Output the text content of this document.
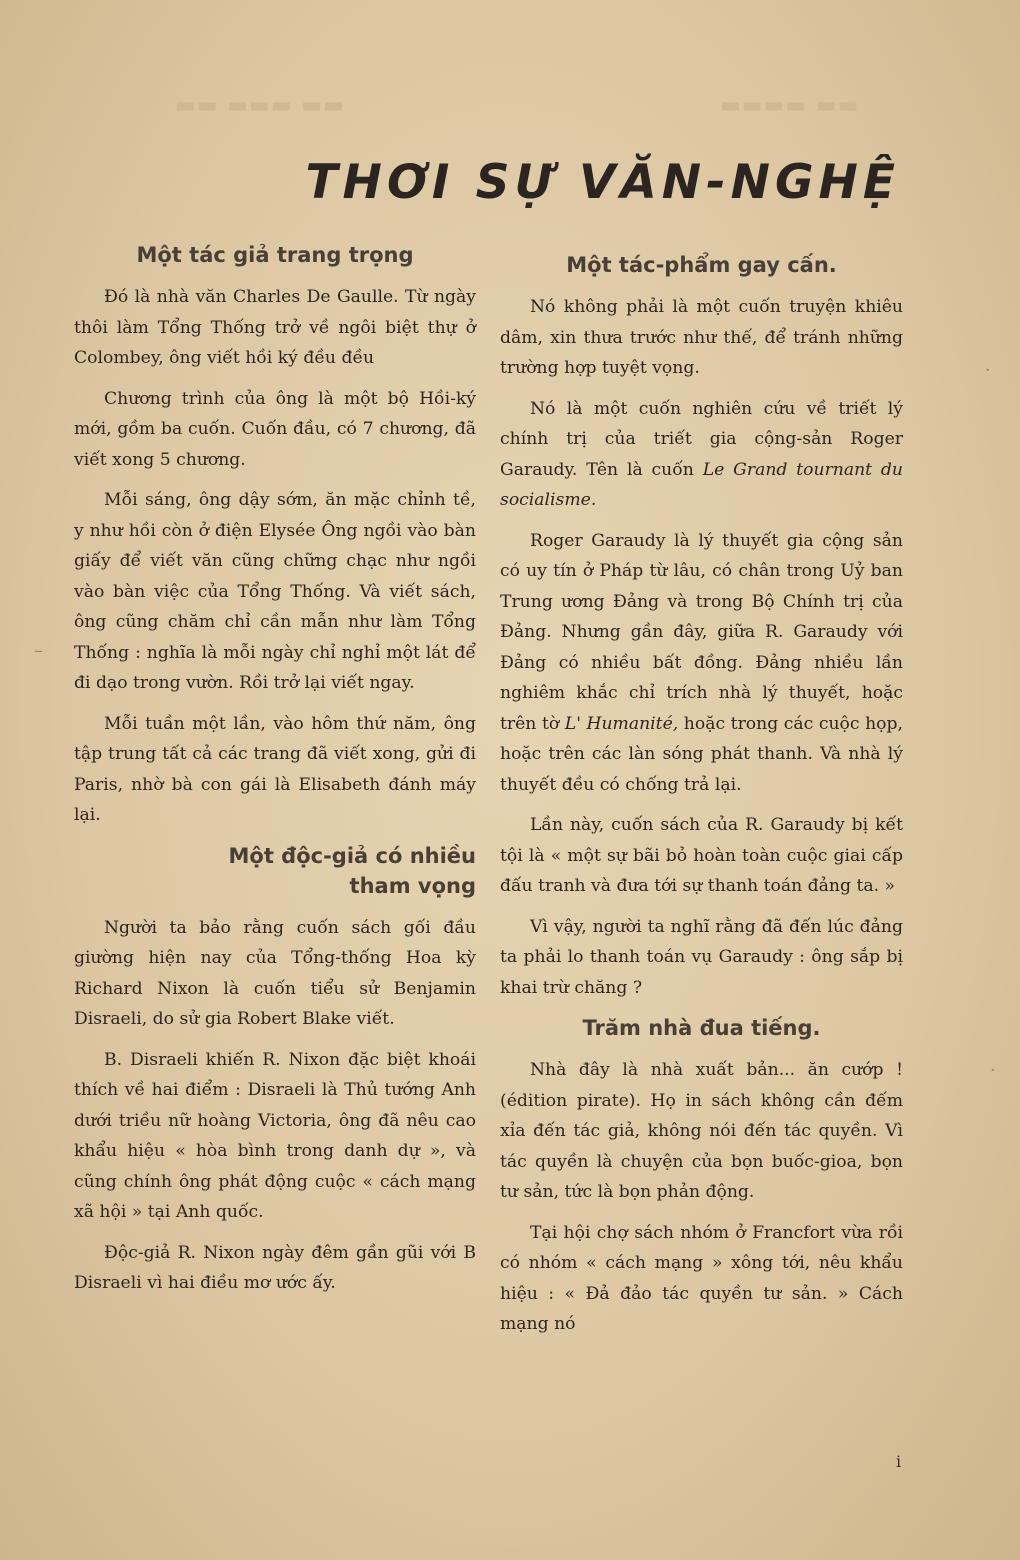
▬▬ ▬▬▬ ▬▬	▬▬▬▬ ▬▬
THƠI SỰ VĂN-NGHỆ
Một tác giả trang trọng

Đó là nhà văn Charles De Gaulle. Từ ngày thôi làm Tổng Thống trở về ngôi biệt thự ở Colombey, ông viết hồi ký đều đều

Chương trình của ông là một bộ Hồi-ký mới, gồm ba cuốn. Cuốn đầu, có 7 chương, đã viết xong 5 chương.

Mỗi sáng, ông dậy sớm, ăn mặc chỉnh tề, y như hồi còn ở điện Elysée Ông ngồi vào bàn giấy để viết văn cũng chững chạc như ngồi vào bàn việc của Tổng Thống. Và viết sách, ông cũng chăm chỉ cần mẫn như làm Tổng Thống : nghĩa là mỗi ngày chỉ nghỉ một lát để đi dạo trong vườn. Rồi trở lại viết ngay.

Mỗi tuần một lần, vào hôm thứ năm, ông tập trung tất cả các trang đã viết xong, gửi đi Paris, nhờ bà con gái là Elisabeth đánh máy lại.

Một độc-giả có nhiều tham vọng

Người ta bảo rằng cuốn sách gối đầu giường hiện nay của Tổng-thống Hoa kỳ Richard Nixon là cuốn tiểu sử Benjamin Disraeli, do sử gia Robert Blake viết.

B. Disraeli khiến R. Nixon đặc biệt khoái thích về hai điểm : Disraeli là Thủ tướng Anh dưới triều nữ hoàng Victoria, ông đã nêu cao khẩu hiệu « hòa bình trong danh dự », và cũng chính ông phát động cuộc « cách mạng xã hội » tại Anh quốc.

Độc-giả R. Nixon ngày đêm gần gũi với B Disraeli vì hai điều mơ ước ấy.

Một tác-phẩm gay cấn.

Nó không phải là một cuốn truyện khiêu dâm, xin thưa trước như thế, để tránh những trường hợp tuyệt vọng.

Nó là một cuốn nghiên cứu về triết lý chính trị của triết gia cộng-sản Roger Garaudy. Tên là cuốn Le Grand tournant du socialisme.

Roger Garaudy là lý thuyết gia cộng sản có uy tín ở Pháp từ lâu, có chân trong Uỷ ban Trung ương Đảng và trong Bộ Chính trị của Đảng. Nhưng gần đây, giữa R. Garaudy với Đảng có nhiều bất đồng. Đảng nhiều lần nghiêm khắc chỉ trích nhà lý thuyết, hoặc trên tờ L' Humanité, hoặc trong các cuộc họp, hoặc trên các làn sóng phát thanh. Và nhà lý thuyết đều có chống trả lại.

Lần này, cuốn sách của R. Garaudy bị kết tội là « một sự bãi bỏ hoàn toàn cuộc giai cấp đấu tranh và đưa tới sự thanh toán đảng ta. »

Vì vậy, người ta nghĩ rằng đã đến lúc đảng ta phải lo thanh toán vụ Garaudy : ông sắp bị khai trừ chăng ?

Trăm nhà đua tiếng.

Nhà đây là nhà xuất bản... ăn cướp ! (édition pirate). Họ in sách không cần đếm xỉa đến tác giả, không nói đến tác quyền. Vì tác quyền là chuyện của bọn buốc-gioa, bọn tư sản, tức là bọn phản động.

Tại hội chợ sách nhóm ở Francfort vừa rồi có nhóm « cách mạng » xông tới, nêu khẩu hiệu : « Đả đảo tác quyền tư sản. » Cách mạng nó

i
–
·
·
